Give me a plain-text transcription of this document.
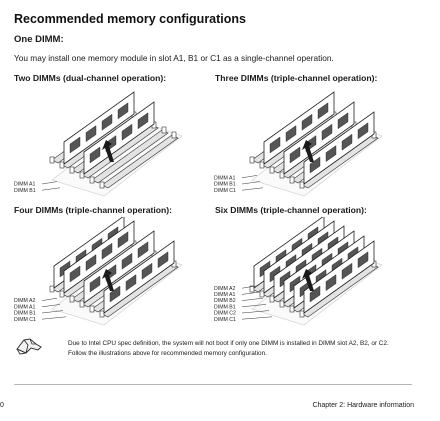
Recommended memory configurations
One DIMM:
You may install one memory module in slot A1, B1 or C1 as a single-channel operation.
Two DIMMs (dual-channel operation):
DIMM A1
DIMM B1
Three DIMMs (triple-channel operation):
DIMM A1
DIMM B1
DIMM C1
Four DIMMs (triple-channel operation):
DIMM A2
DIMM A1
DIMM B1
DIMM C1
Six DIMMs (triple-channel operation):
DIMM A2
DIMM A1
DIMM B2
DIMM B1
DIMM C2
DIMM C1
Due to Intel CPU spec definition, the system will not boot if only one DIMM is installed in DIMM slot A2, B2, or C2. Follow the illustrations above for recommended memory configuration.
0	Chapter 2: Hardware information
